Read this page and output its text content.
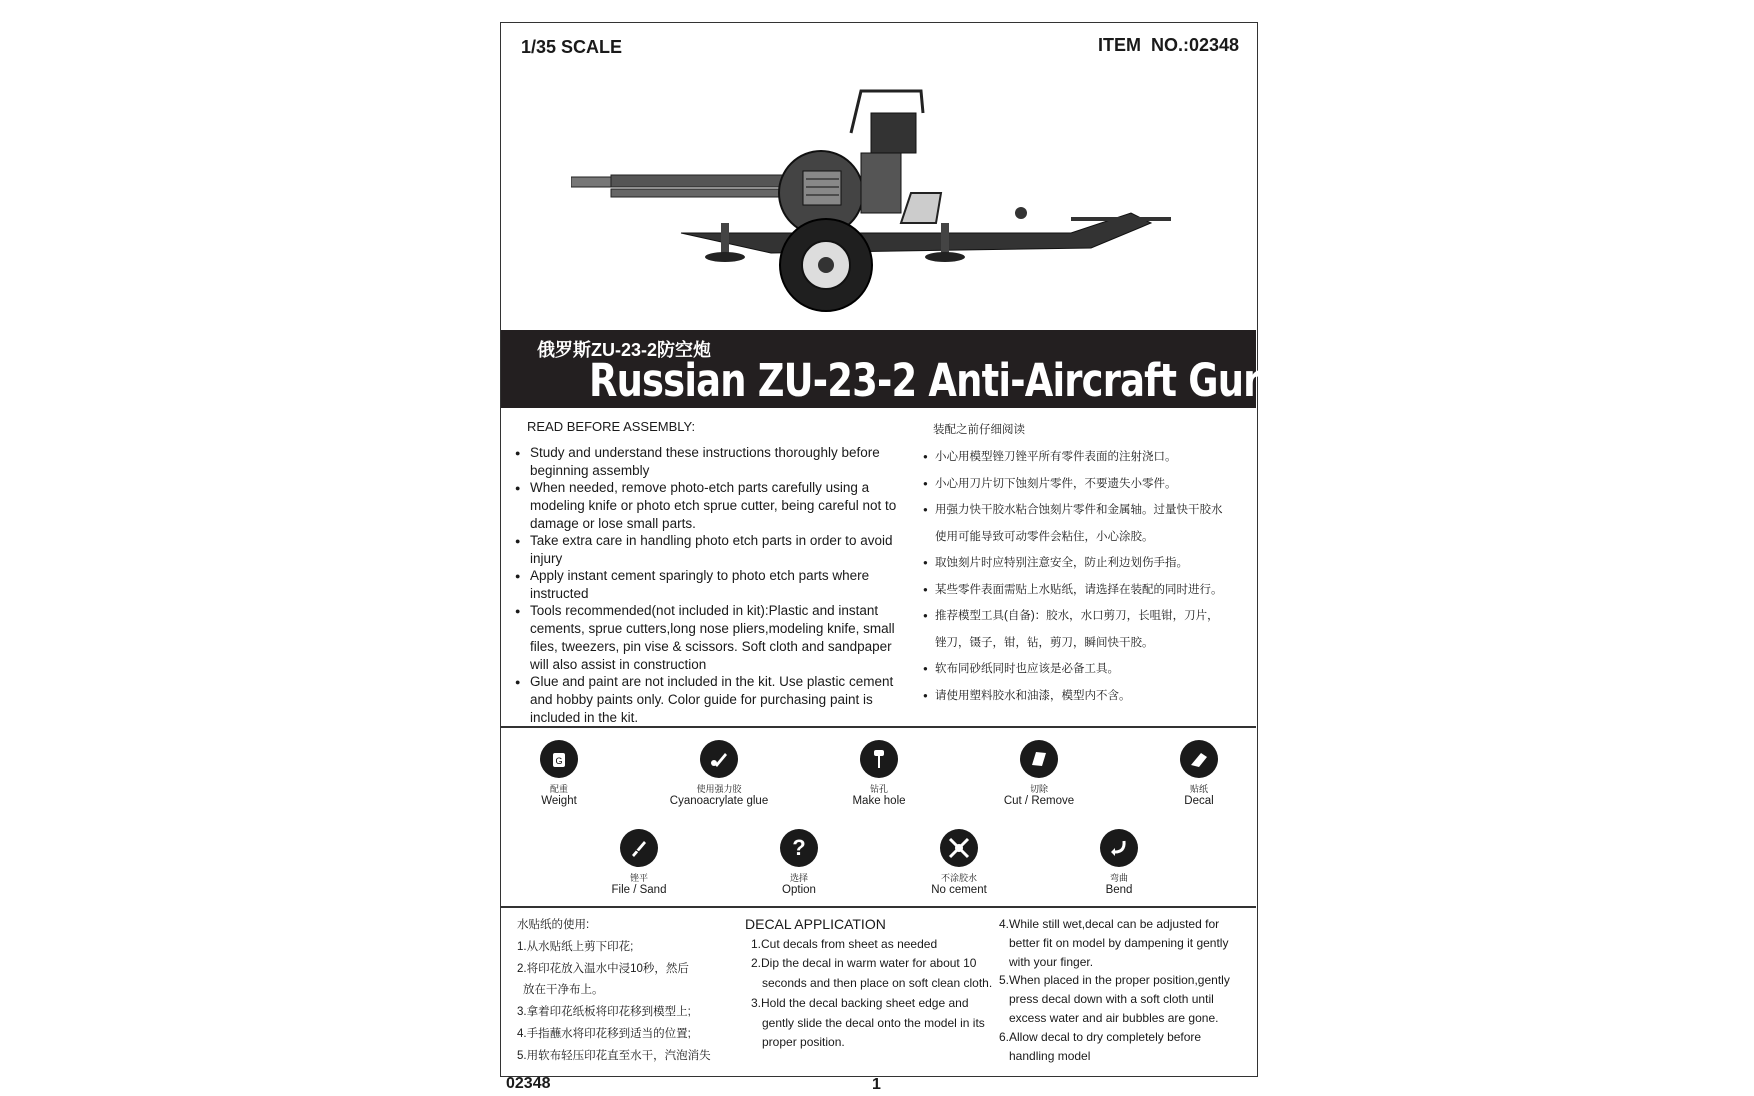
1/35 SCALE	ITEM  NO.:02348
俄罗斯ZU-23-2防空炮
Russian ZU-23-2 Anti-Aircraft Gun
READ BEFORE ASSEMBLY:	装配之前仔细阅读
● Study and understand these instructions thoroughly before beginning assembly
● When needed, remove photo-etch parts carefully using a modeling knife or photo etch sprue cutter, being careful not to damage or lose small parts.
● Take extra care in handling photo etch parts in order to avoid injury
● Apply instant cement sparingly to photo etch parts where instructed
● Tools recommended(not included in kit):Plastic and instant cements, sprue cutters,long nose pliers,modeling knife, small files, tweezers, pin vise & scissors. Soft cloth and sandpaper will also assist in construction
● Glue and paint are not included in the kit. Use plastic cement and hobby paints only. Color guide for purchasing paint is included in the kit.
● 小心用模型锉刀锉平所有零件表面的注射浇口。
● 小心用刀片切下蚀刻片零件，不要遗失小零件。
● 用强力快干胶水粘合蚀刻片零件和金属轴。过量快干胶水
使用可能导致可动零件会粘住，小心涂胶。
● 取蚀刻片时应特别注意安全，防止利边划伤手指。
● 某些零件表面需贴上水贴纸，请选择在装配的同时进行。
● 推荐模型工具(自备)：胶水，水口剪刀，长咀钳，刀片，
锉刀，镊子，钳，钻，剪刀，瞬间快干胶。
● 软布同砂纸同时也应该是必备工具。
● 请使用塑料胶水和油漆，模型内不含。
G
配重
Weight
使用强力胶
Cyanoacrylate glue
钻孔
Make hole
切除
Cut / Remove
贴纸
Decal
锉平
File / Sand
?
选择
Option
不涂胶水
No cement
弯曲
Bend
水贴纸的使用:
1.从水贴纸上剪下印花;
2.将印花放入温水中浸10秒，然后
放在干净布上。
3.拿着印花纸板将印花移到模型上;
4.手指蘸水将印花移到适当的位置;
5.用软布轻压印花直至水干，汽泡消失
DECAL APPLICATION
1.Cut decals from sheet as needed
2.Dip the decal in warm water for about 10
seconds and then place on soft clean cloth.
3.Hold the decal backing sheet edge and
gently slide the decal onto the model in its
proper position.
4.While still wet,decal can be adjusted for
better fit on model by dampening it gently
with your finger.
5.When placed in the proper position,gently
press decal down with a soft cloth until
excess water and air bubbles are gone.
6.Allow decal to dry completely before
handling model
02348	1
